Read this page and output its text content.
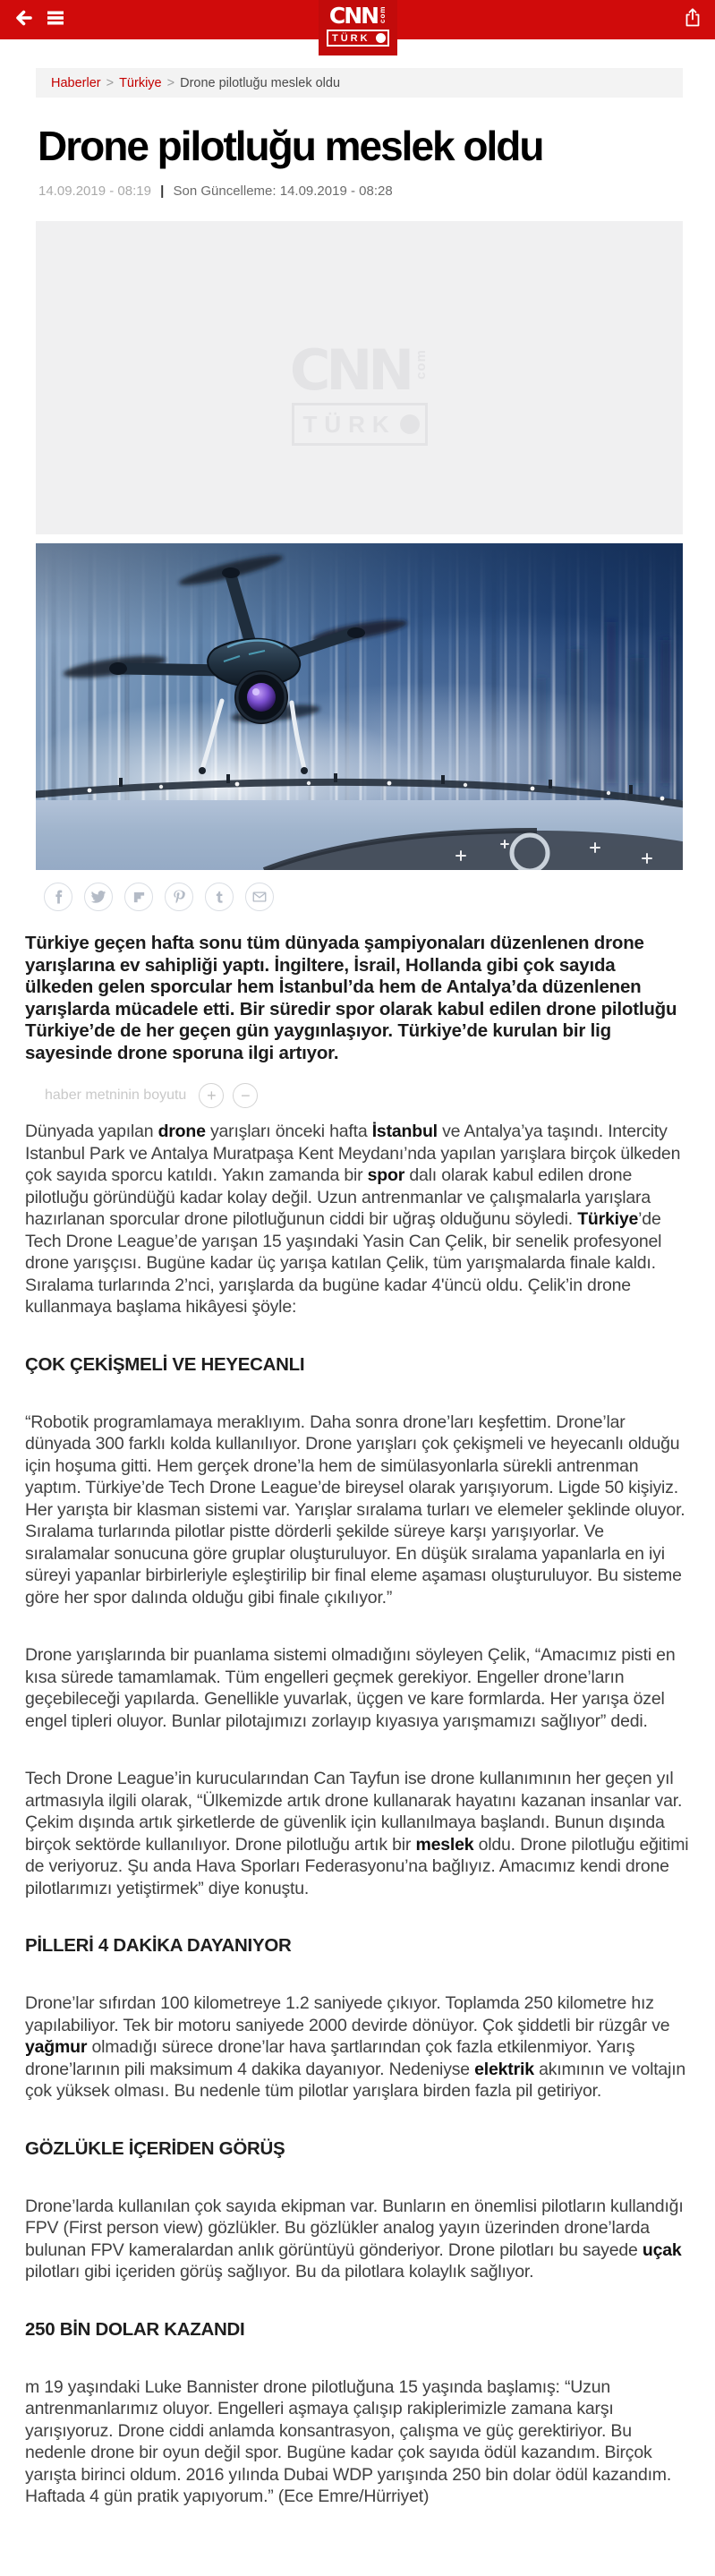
CNN com
TÜRK
Haberler > Türkiye > Drone pilotluğu meslek oldu
Drone pilotluğu meslek oldu
14.09.2019 - 08:19 | Son Güncelleme: 14.09.2019 - 08:28
CNN com
TÜRK

Türkiye geçen hafta sonu tüm dünyada şampiyonaları düzenlenen drone yarışlarına ev sahipliği yaptı. İngiltere, İsrail, Hollanda gibi çok sayıda ülkeden gelen sporcular hem İstanbul’da hem de Antalya’da düzenlenen yarışlarda mücadele etti. Bir süredir spor olarak kabul edilen drone pilotluğu Türkiye’de de her geçen gün yaygınlaşıyor. Türkiye’de kurulan bir lig sayesinde drone sporuna ilgi artıyor.

haber metninin boyutu	+	−

Dünyada yapılan drone yarışları önceki hafta İstanbul ve Antalya’ya taşındı. Intercity Istanbul Park ve Antalya Muratpaşa Kent Meydanı’nda yapılan yarışlara birçok ülkeden çok sayıda sporcu katıldı. Yakın zamanda bir spor dalı olarak kabul edilen drone pilotluğu göründüğü kadar kolay değil. Uzun antrenmanlar ve çalışmalarla yarışlara hazırlanan sporcular drone pilotluğunun ciddi bir uğraş olduğunu söyledi. Türkiye’de Tech Drone League’de yarışan 15 yaşındaki Yasin Can Çelik, bir senelik profesyonel drone yarışçısı. Bugüne kadar üç yarışa katılan Çelik, tüm yarışmalarda finale kaldı. Sıralama turlarında 2’nci, yarışlarda da bugüne kadar 4'üncü oldu. Çelik’in drone kullanmaya başlama hikâyesi şöyle:

ÇOK ÇEKİŞMELİ VE HEYECANLI

“Robotik programlamaya meraklıyım. Daha sonra drone’ları keşfettim. Drone’lar dünyada 300 farklı kolda kullanılıyor. Drone yarışları çok çekişmeli ve heyecanlı olduğu için hoşuma gitti. Hem gerçek drone’la hem de simülasyonlarla sürekli antrenman yaptım. Türkiye’de Tech Drone League’de bireysel olarak yarışıyorum. Ligde 50 kişiyiz. Her yarışta bir klasman sistemi var. Yarışlar sıralama turları ve elemeler şeklinde oluyor. Sıralama turlarında pilotlar pistte dörderli şekilde süreye karşı yarışıyorlar. Ve sıralamalar sonucuna göre gruplar oluşturuluyor. En düşük sıralama yapanlarla en iyi süreyi yapanlar birbirleriyle eşleştirilip bir final eleme aşaması oluşturuluyor. Bu sisteme göre her spor dalında olduğu gibi finale çıkılıyor.”

Drone yarışlarında bir puanlama sistemi olmadığını söyleyen Çelik, “Amacımız pisti en kısa sürede tamamlamak. Tüm engelleri geçmek gerekiyor. Engeller drone’ların geçebileceği yapılarda. Genellikle yuvarlak, üçgen ve kare formlarda. Her yarışa özel engel tipleri oluyor. Bunlar pilotajımızı zorlayıp kıyasıya yarışmamızı sağlıyor” dedi.

Tech Drone League’in kurucularından Can Tayfun ise drone kullanımının her geçen yıl artmasıyla ilgili olarak, “Ülkemizde artık drone kullanarak hayatını kazanan insanlar var. Çekim dışında artık şirketlerde de güvenlik için kullanılmaya başlandı. Bunun dışında birçok sektörde kullanılıyor. Drone pilotluğu artık bir meslek oldu. Drone pilotluğu eğitimi de veriyoruz. Şu anda Hava Sporları Federasyonu’na bağlıyız. Amacımız kendi drone pilotlarımızı yetiştirmek” diye konuştu.

PİLLERİ 4 DAKİKA DAYANIYOR

Drone’lar sıfırdan 100 kilometreye 1.2 saniyede çıkıyor. Toplamda 250 kilometre hız yapılabiliyor. Tek bir motoru saniyede 2000 devirde dönüyor. Çok şiddetli bir rüzgâr ve yağmur olmadığı sürece drone’lar hava şartlarından çok fazla etkilenmiyor. Yarış drone’larının pili maksimum 4 dakika dayanıyor. Nedeniyse elektrik akımının ve voltajın çok yüksek olması. Bu nedenle tüm pilotlar yarışlara birden fazla pil getiriyor.

GÖZLÜKLE İÇERİDEN GÖRÜŞ

Drone’larda kullanılan çok sayıda ekipman var. Bunların en önemlisi pilotların kullandığı FPV (First person view) gözlükler. Bu gözlükler analog yayın üzerinden drone’larda bulunan FPV kameralardan anlık görüntüyü gönderiyor. Drone pilotları bu sayede uçak pilotları gibi içeriden görüş sağlıyor. Bu da pilotlara kolaylık sağlıyor.

250 BİN DOLAR KAZANDI

m 19 yaşındaki Luke Bannister drone pilotluğuna 15 yaşında başlamış: “Uzun antrenmanlarımız oluyor. Engelleri aşmaya çalışıp rakiplerimizle zamana karşı yarışıyoruz. Drone ciddi anlamda konsantrasyon, çalışma ve güç gerektiriyor. Bu nedenle drone bir oyun değil spor. Bugüne kadar çok sayıda ödül kazandım. Birçok yarışta birinci oldum. 2016 yılında Dubai WDP yarışında 250 bin dolar ödül kazandım. Haftada 4 gün pratik yapıyorum.” (Ece Emre/Hürriyet)
